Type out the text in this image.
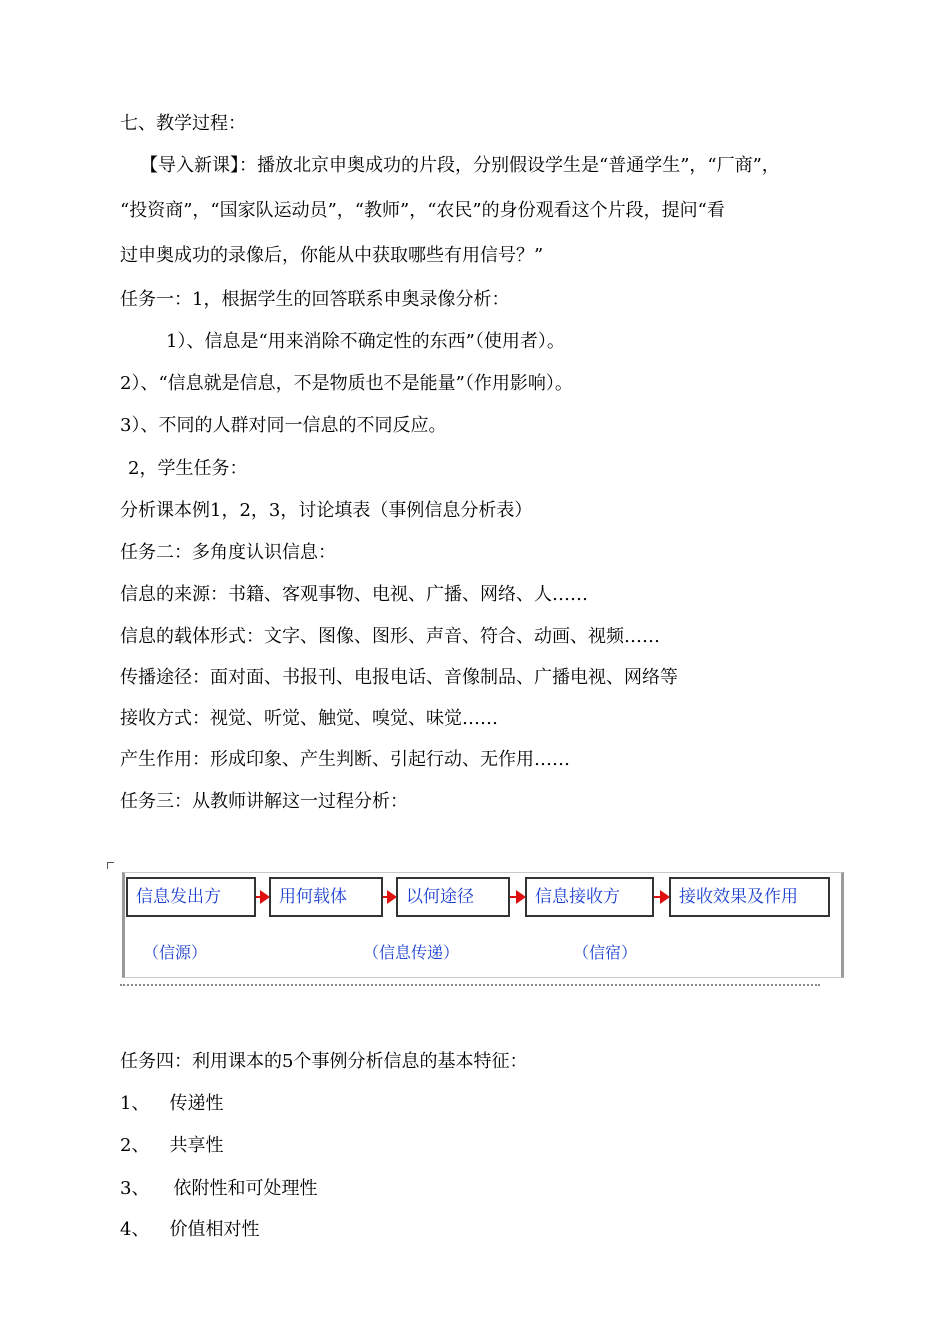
七、教学过程：
【导入新课】：播放北京申奥成功的片段，分别假设学生是“普通学生”，“厂商”，
“投资商”，“国家队运动员”，“教师”，“农民”的身份观看这个片段，提问“看
过申奥成功的录像后，你能从中获取哪些有用信号？”
任务一：1，根据学生的回答联系申奥录像分析：
1）、信息是“用来消除不确定性的东西”（使用者）。
2）、“信息就是信息，不是物质也不是能量”（作用影响）。
3）、不同的人群对同一信息的不同反应。
2，学生任务：
分析课本例1，2，3，讨论填表（事例信息分析表）
任务二：多角度认识信息：
信息的来源：书籍、客观事物、电视、广播、网络、人……
信息的载体形式：文字、图像、图形、声音、符合、动画、视频……
传播途径：面对面、书报刊、电报电话、音像制品、广播电视、网络等
接收方式：视觉、听觉、触觉、嗅觉、味觉……
产生作用：形成印象、产生判断、引起行动、无作用……
任务三：从教师讲解这一过程分析：
信息发出方	用何载体	以何途径	信息接收方	接收效果及作用
（信源）	（信息传递）	（信宿）
任务四：利用课本的5个事例分析信息的基本特征：
1、 传递性
2、 共享性
3、 依附性和可处理性
4、 价值相对性
